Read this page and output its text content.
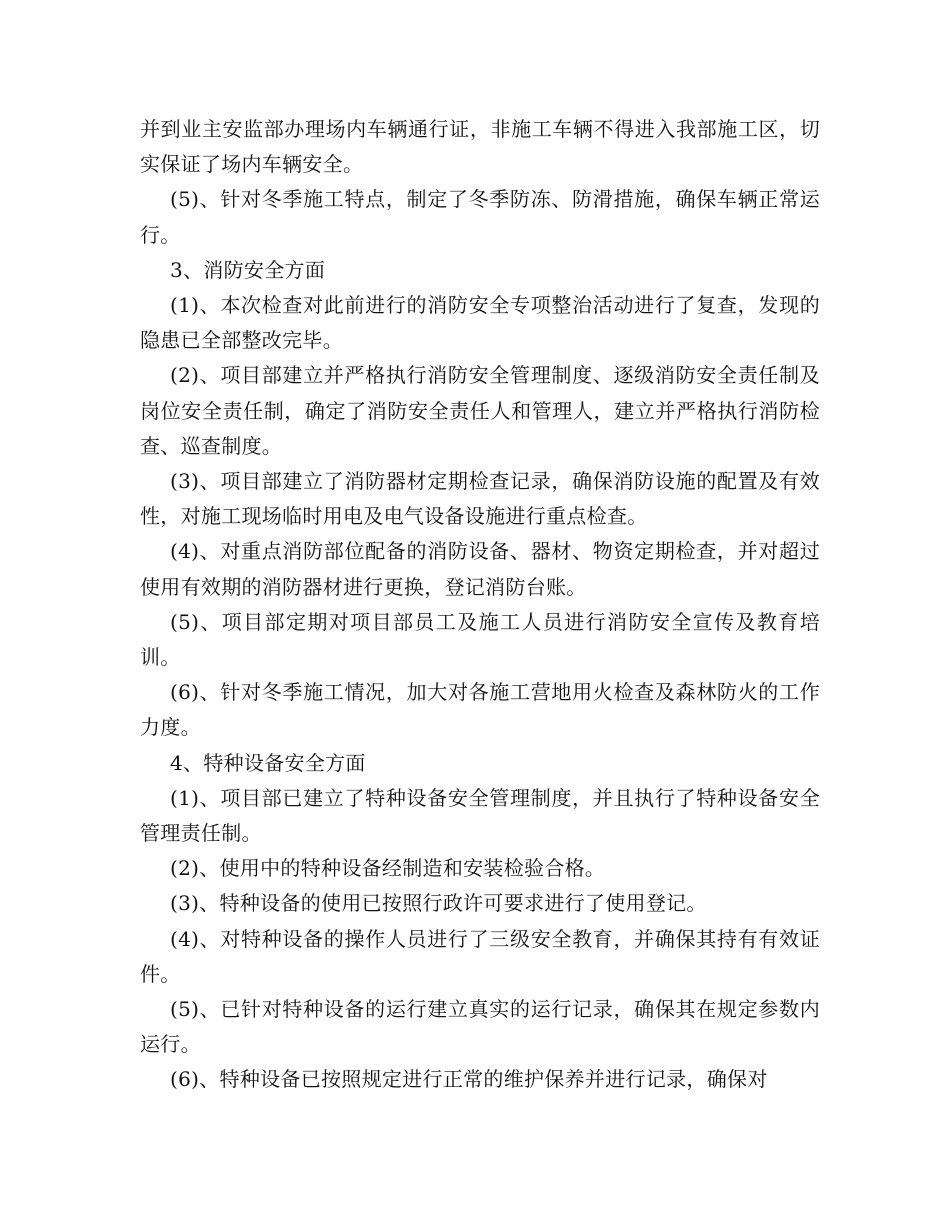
并到业主安监部办理场内车辆通行证，非施工车辆不得进入我部施工区，切实保证了场内车辆安全。

(5)、针对冬季施工特点，制定了冬季防冻、防滑措施，确保车辆正常运行。

3、消防安全方面

(1)、本次检查对此前进行的消防安全专项整治活动进行了复查，发现的隐患已全部整改完毕。

(2)、项目部建立并严格执行消防安全管理制度、逐级消防安全责任制及岗位安全责任制，确定了消防安全责任人和管理人，建立并严格执行消防检查、巡查制度。

(3)、项目部建立了消防器材定期检查记录，确保消防设施的配置及有效性，对施工现场临时用电及电气设备设施进行重点检查。

(4)、对重点消防部位配备的消防设备、器材、物资定期检查，并对超过使用有效期的消防器材进行更换，登记消防台账。

(5)、项目部定期对项目部员工及施工人员进行消防安全宣传及教育培训。

(6)、针对冬季施工情况，加大对各施工营地用火检查及森林防火的工作力度。

4、特种设备安全方面

(1)、项目部已建立了特种设备安全管理制度，并且执行了特种设备安全管理责任制。

(2)、使用中的特种设备经制造和安装检验合格。

(3)、特种设备的使用已按照行政许可要求进行了使用登记。

(4)、对特种设备的操作人员进行了三级安全教育，并确保其持有有效证件。

(5)、已针对特种设备的运行建立真实的运行记录，确保其在规定参数内运行。

(6)、特种设备已按照规定进行正常的维护保养并进行记录，确保对
